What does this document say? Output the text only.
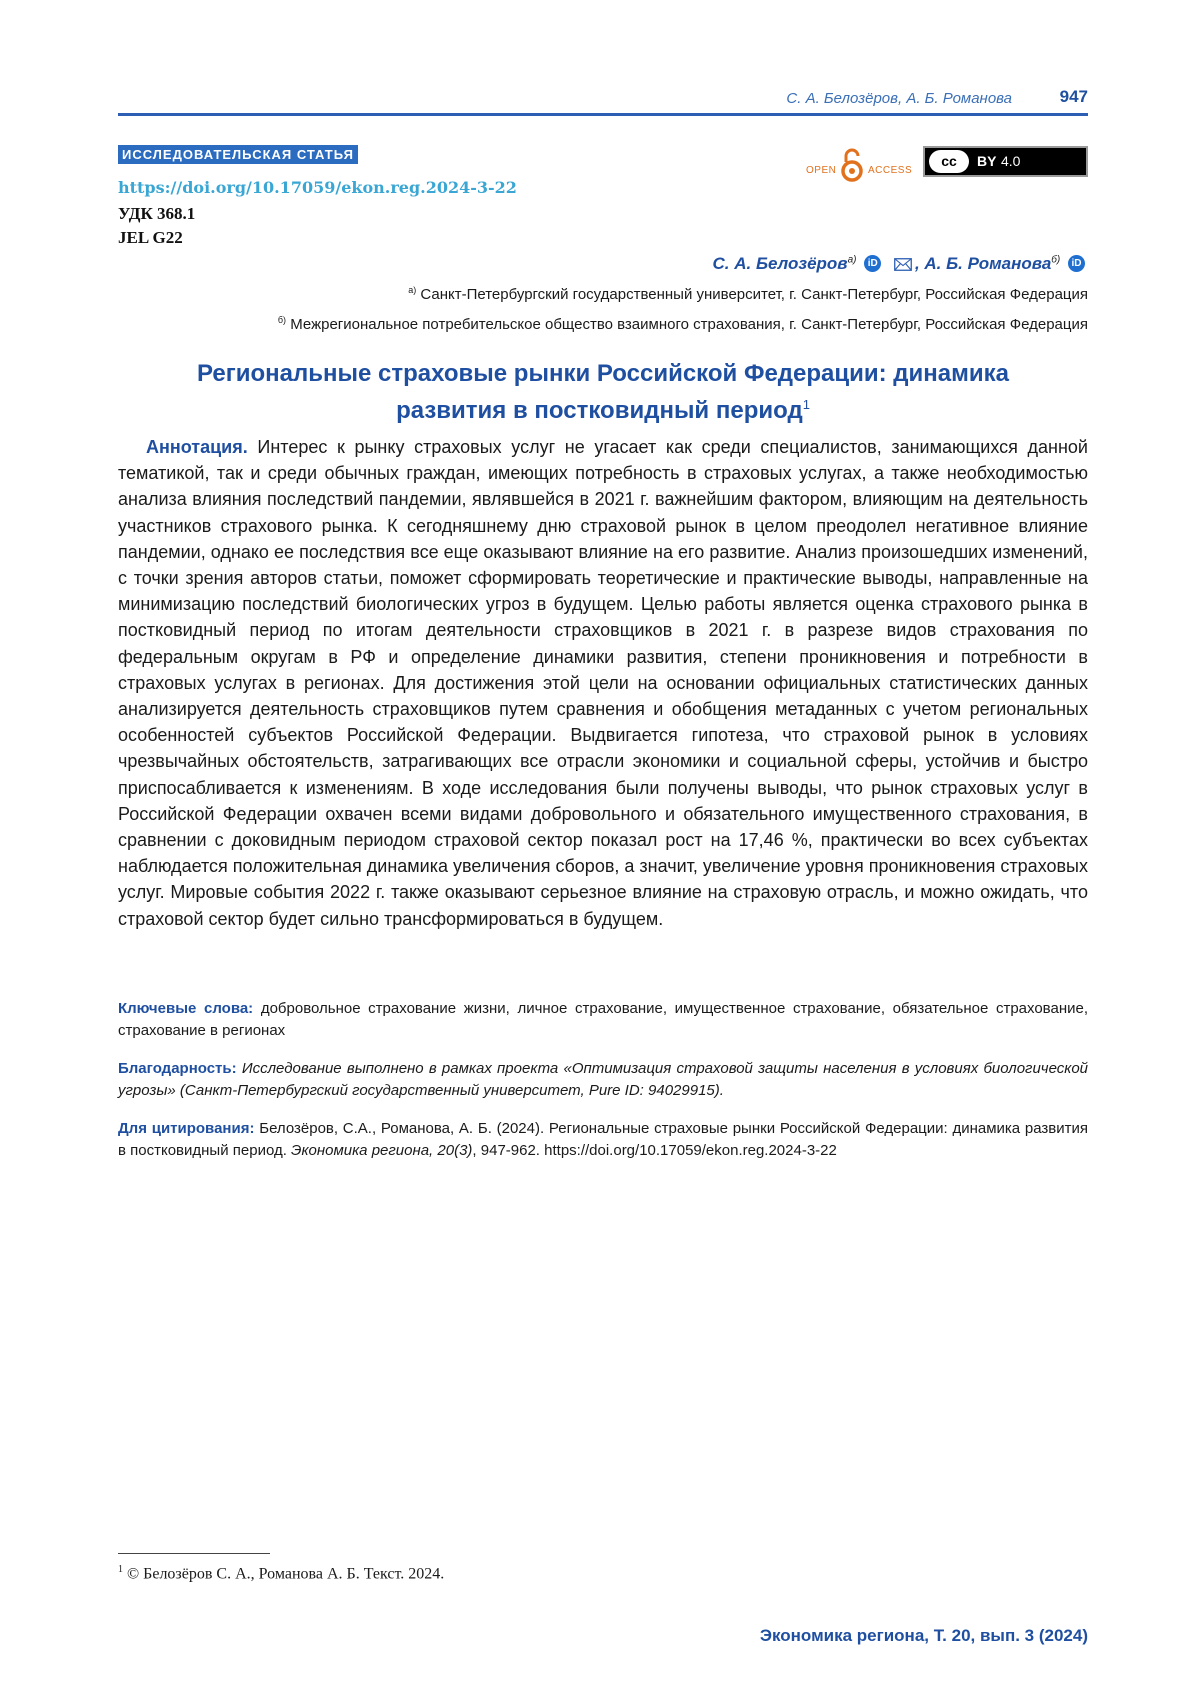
С. А. Белозёров, А. Б. Романова	947
ИССЛЕДОВАТЕЛЬСКАЯ СТАТЬЯ
OPEN	ACCESS
cc	BY 4.0
https://doi.org/10.17059/ekon.reg.2024-3-22
УДК 368.1
JEL G22
С. А. Белозёров$^{а)}$ iD , А. Б. Романова$^{б)}$ iD
$^{а)}$ Санкт-Петербургский государственный университет, г. Санкт-Петербург, Российская Федерация
$^{б)}$ Межрегиональное потребительское общество взаимного страхования, г. Санкт-Петербург, Российская Федерация
Региональные страховые рынки Российской Федерации: динамика
развития в постковидный период$^1$
Аннотация. Интерес к рынку страховых услуг не угасает как среди специалистов, занимающихся данной тематикой, так и среди обычных граждан, имеющих потребность в страховых услугах, а также необходимостью анализа влияния последствий пандемии, являвшейся в 2021 г. важнейшим фактором, влияющим на деятельность участников страхового рынка. К сегодняшнему дню страховой рынок в целом преодолел негативное влияние пандемии, однако ее последствия все еще оказывают влияние на его развитие. Анализ произошедших изменений, с точки зрения авторов статьи, поможет сформировать теоретические и практические выводы, направленные на минимизацию последствий биологических угроз в будущем. Целью работы является оценка страхового рынка в постковидный период по итогам деятельности страховщиков в 2021 г. в разрезе видов страхования по федеральным округам в РФ и определение динамики развития, степени проникновения и потребности в страховых услугах в регионах. Для достижения этой цели на основании официальных статистических данных анализируется деятельность страховщиков путем сравнения и обобщения метаданных с учетом региональных особенностей субъектов Российской Федерации. Выдвигается гипотеза, что страховой рынок в условиях чрезвычайных обстоятельств, затрагивающих все отрасли экономики и социальной сферы, устойчив и быстро приспосабливается к изменениям. В ходе исследования были получены выводы, что рынок страховых услуг в Российской Федерации охвачен всеми видами добровольного и обязательного имущественного страхования, в сравнении с доковидным периодом страховой сектор показал рост на 17,46 %, практически во всех субъектах наблюдается положительная динамика увеличения сборов, а значит, увеличение уровня проникновения страховых услуг. Мировые события 2022 г. также оказывают серьезное влияние на страховую отрасль, и можно ожидать, что страховой сектор будет сильно трансформироваться в будущем.
Ключевые слова: добровольное страхование жизни, личное страхование, имущественное страхование, обязательное страхование, страхование в регионах
Благодарность: Исследование выполнено в рамках проекта «Оптимизация страховой защиты населения в условиях биологической угрозы» (Санкт-Петербургский государственный университет, Pure ID: 94029915).
Для цитирования: Белозёров, С.А., Романова, А. Б. (2024). Региональные страховые рынки Российской Федерации: динамика развития в постковидный период. Экономика региона, 20(3), 947-962. https://doi.org/10.17059/ekon.reg.2024-3-22
$^1$ © Белозёров С. А., Романова А. Б. Текст. 2024.
Экономика региона, Т. 20, вып. 3 (2024)
